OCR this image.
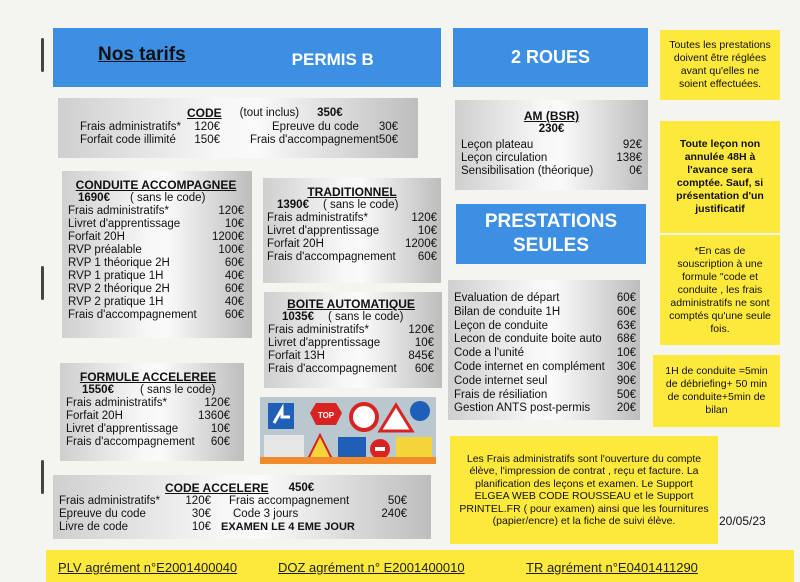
Nos tarifs	PERMIS B	2 ROUES
Toutes les prestations doivent être réglées avant qu'elles ne soient effectuées.
Toute leçon non annulée 48H à l'avance sera comptée. Sauf, si présentation d'un justificatif
*En cas de souscription à une formule "code et conduite , les frais administratifs ne sont comptés qu'une seule fois.
1H de conduite =5min de débriefing+ 50 min de conduite+5min de bilan
CODE (tout inclus) 350€
Frais administratifs* 120€
Forfait code illimité 150€
Epreuve du code 30€
Frais d'accompagnement 50€
CONDUITE ACCOMPAGNEE
1690€ ( sans le code)
Frais administratifs*	120€
Livret d'apprentissage	10€
Forfait 20H	1200€
RVP préalable	100€
RVP 1 théorique 2H	60€
RVP 1 pratique 1H	40€
RVP 2 théorique 2H	60€
RVP 2 pratique 1H	40€
Frais d'accompagnement 60€
TRADITIONNEL
1390€ ( sans le code)
Frais administratifs*	120€
Livret d'apprentissage	10€
Forfait 20H	1200€
Frais d'accompagnement 60€
BOITE AUTOMATIQUE
1035€ ( sans le code)
Frais administratifs*	120€
Livret d'apprentissage	10€
Forfait 13H	845€
Frais d'accompagnement 60€
FORMULE ACCELEREE
1550€ ( sans le code)
Frais administratifs*	120€
Forfait 20H	1360€
Livret d'apprentissage	10€
Frais d'accompagnement 60€
TOP
CODE ACCELERE 450€
Frais administratifs* 120€
Epreuve du code	30€
Livre de code	10€
Frais accompagnement	50€
Code 3 jours	240€
EXAMEN LE 4 EME JOUR
AM (BSR)
230€
Leçon plateau	92€
Leçon circulation	138€
Sensibilisation (théorique)	0€
PRESTATIONS
SEULES
Evaluation de départ	60€
Bilan de conduite 1H	60€
Leçon de conduite	63€
Lecon de conduite boite auto 68€
Code a l'unité	10€
Code internet en complément 30€
Code internet seul	90€
Frais de résiliation	50€
Gestion ANTS post-permis 20€
Les Frais administratifs sont l'ouverture du compte élève, l'impression de contrat , reçu et facture. La planification des leçons et examen. Le Support ELGEA WEB CODE ROUSSEAU et le Support PRINTEL.FR ( pour examen) ainsi que les fournitures (papier/encre) et la fiche de suivi élève.	20/05/23
PLV agrément n°E2001400040	DOZ agrément n° E2001400010	TR agrément n°E0401411290
